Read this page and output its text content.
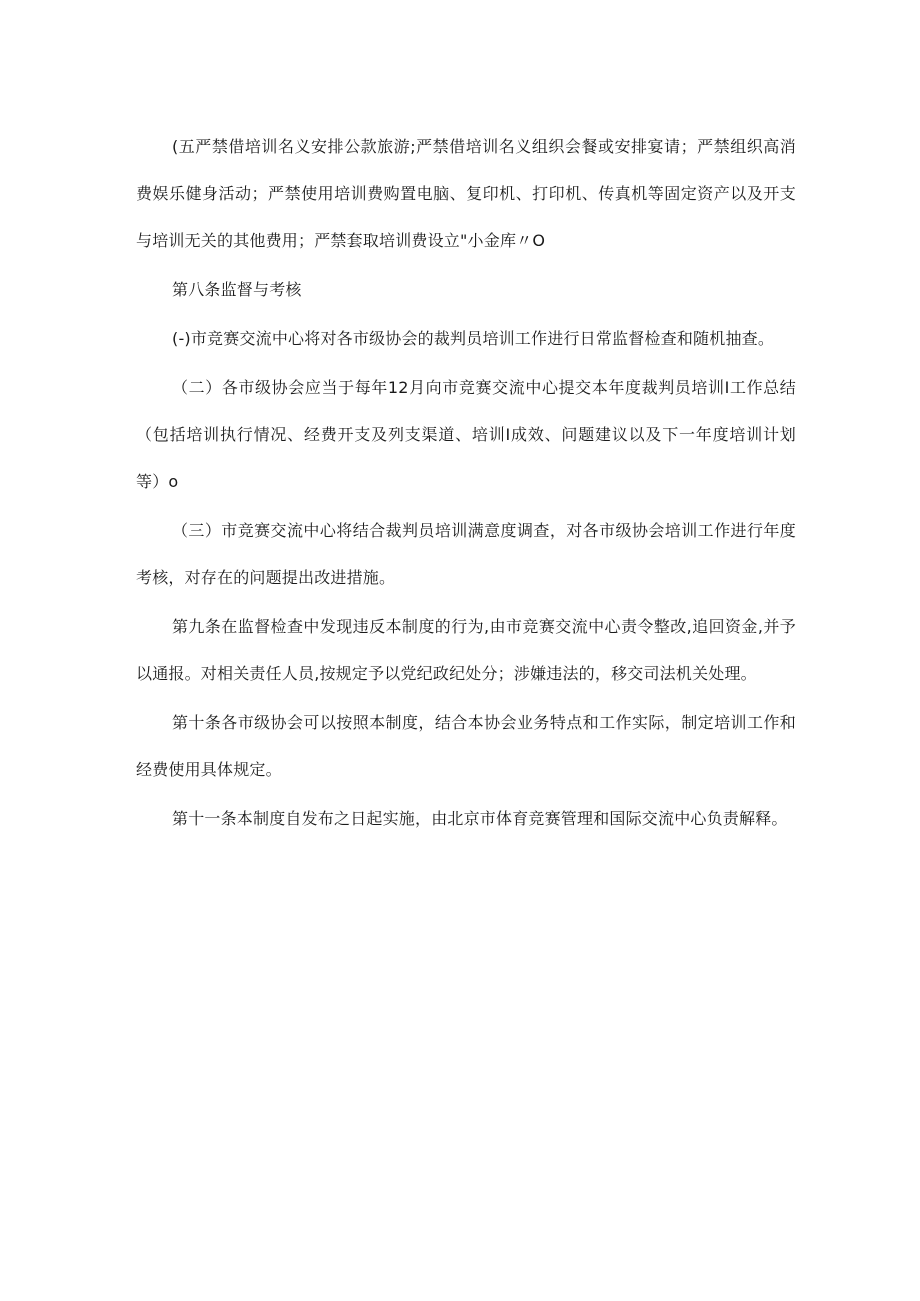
(五严禁借培训名义安排公款旅游;严禁借培训名义组织会餐或安排宴请；严禁组织高消费娱乐健身活动；严禁使用培训费购置电脑、复印机、打印机、传真机等固定资产以及开支与培训无关的其他费用；严禁套取培训费设立"小金库〃O

第八条监督与考核

(-)市竞赛交流中心将对各市级协会的裁判员培训工作进行日常监督检查和随机抽查。

（二）各市级协会应当于每年12月向市竞赛交流中心提交本年度裁判员培训I工作总结（包括培训执行情况、经费开支及列支渠道、培训I成效、问题建议以及下一年度培训计划等）o

（三）市竞赛交流中心将结合裁判员培训满意度调查，对各市级协会培训工作进行年度考核，对存在的问题提出改进措施。

第九条在监督检查中发现违反本制度的行为,由市竞赛交流中心责令整改,追回资金,并予以通报。对相关责任人员,按规定予以党纪政纪处分；涉嫌违法的，移交司法机关处理。

第十条各市级协会可以按照本制度，结合本协会业务特点和工作实际，制定培训工作和经费使用具体规定。

第十一条本制度自发布之日起实施，由北京市体育竞赛管理和国际交流中心负责解释。
